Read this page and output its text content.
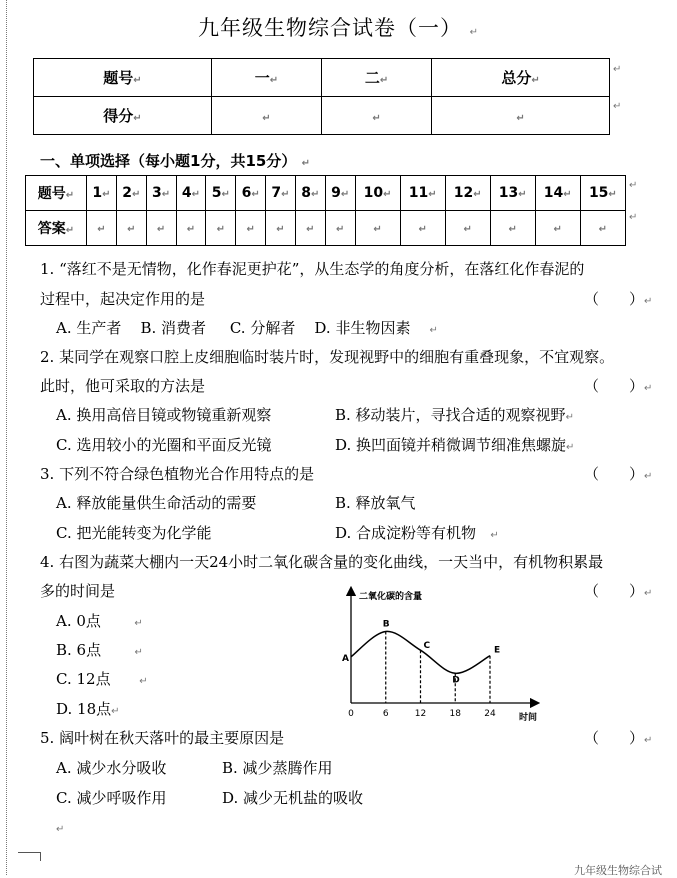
九年级生物综合试卷（一） ↵
题号↵	一↵	二↵	总分↵
得分↵	↵	↵	↵
↵
↵
一、单项选择（每小题1分，共15分） ↵
题号↵	1↵	2↵	3↵	4↵	5↵	6↵	7↵	8↵	9↵	10↵	11↵	12↵	13↵	14↵	15↵
答案↵	↵	↵	↵	↵	↵	↵	↵	↵	↵	↵	↵	↵	↵	↵	↵
↵
↵
1. “落红不是无情物，化作春泥更护花”，从生态学的角度分析，在落红化作春泥的
过程中，起决定作用的是	（　　）↵
A. 生产者 B. 消费者 C. 分解者 D. 非生物因素 ↵
2. 某同学在观察口腔上皮细胞临时装片时，发现视野中的细胞有重叠现象，不宜观察。
此时，他可采取的方法是	（　　）↵
A. 换用高倍目镜或物镜重新观察	B. 移动装片，寻找合适的观察视野↵
C. 选用较小的光圈和平面反光镜	D. 换凹面镜并稍微调节细准焦螺旋↵
3. 下列不符合绿色植物光合作用特点的是	（　　）↵
A. 释放能量供生命活动的需要	B. 释放氧气
C. 把光能转变为化学能	D. 合成淀粉等有机物 ↵
4. 右图为蔬菜大棚内一天24小时二氧化碳含量的变化曲线，一天当中，有机物积累最
多的时间是	（　　）↵
A. 0点	↵
B. 6点	↵
C. 12点	↵
D. 18点↵
二氧化碳的含量
时间
A
B
C
D
E
0	6	12	18	24
5. 阔叶树在秋天落叶的最主要原因是	（　　）↵
A. 减少水分吸收	B. 减少蒸腾作用
C. 减少呼吸作用	D. 减少无机盐的吸收
↵
九年级生物综合试
